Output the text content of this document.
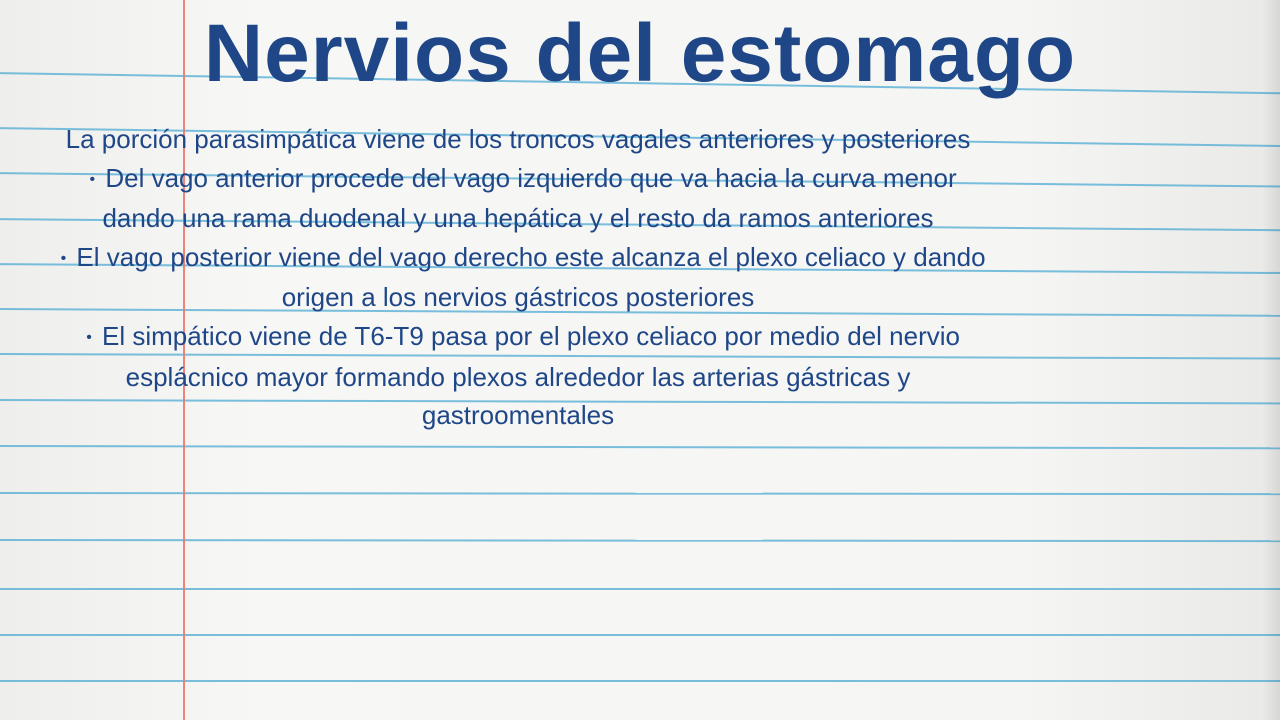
Nervios del estomago

La porción parasimpática viene de los troncos vagales anteriores y posteriores

• Del vago anterior procede del vago izquierdo que va hacia la curva menor dando una rama duodenal y una hepática y el resto da ramos anteriores

• El vago posterior viene del vago derecho este alcanza el plexo celiaco y dando origen a los nervios gástricos posteriores

• El simpático viene de T6-T9 pasa por el plexo celiaco por medio del nervio esplácnico mayor formando plexos alrededor las arterias gástricas y gastroomentales
